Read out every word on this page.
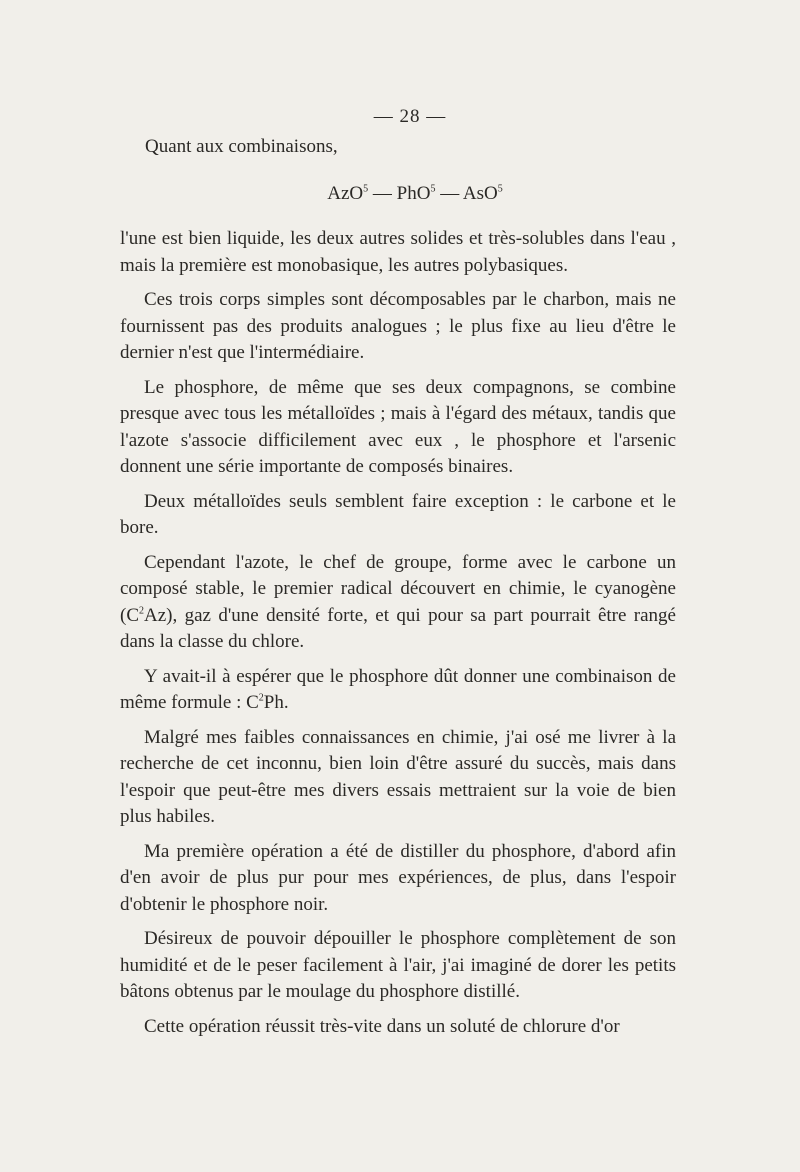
— 28 —
Quant aux combinaisons,
AzO$^5$ — PhO$^5$ — AsO$^5$

l'une est bien liquide, les deux autres solides et très-solubles dans l'eau , mais la première est monobasique, les autres polybasiques.

Ces trois corps simples sont décomposables par le charbon, mais ne fournissent pas des produits analogues ; le plus fixe au lieu d'être le dernier n'est que l'intermédiaire.

Le phosphore, de même que ses deux compagnons, se combine presque avec tous les métalloïdes ; mais à l'égard des métaux, tandis que l'azote s'associe difficilement avec eux , le phosphore et l'arsenic donnent une série importante de composés binaires.

Deux métalloïdes seuls semblent faire exception : le carbone et le bore.

Cependant l'azote, le chef de groupe, forme avec le carbone un composé stable, le premier radical découvert en chimie, le cyanogène $(C^2Az)$, gaz d'une densité forte, et qui pour sa part pourrait être rangé dans la classe du chlore.

Y avait-il à espérer que le phosphore dût donner une combinaison de même formule : $C^2Ph$.

Malgré mes faibles connaissances en chimie, j'ai osé me livrer à la recherche de cet inconnu, bien loin d'être assuré du succès, mais dans l'espoir que peut-être mes divers essais mettraient sur la voie de bien plus habiles.

Ma première opération a été de distiller du phosphore, d'abord afin d'en avoir de plus pur pour mes expériences, de plus, dans l'espoir d'obtenir le phosphore noir.

Désireux de pouvoir dépouiller le phosphore complètement de son humidité et de le peser facilement à l'air, j'ai imaginé de dorer les petits bâtons obtenus par le moulage du phosphore distillé.

Cette opération réussit très-vite dans un soluté de chlorure d'or
